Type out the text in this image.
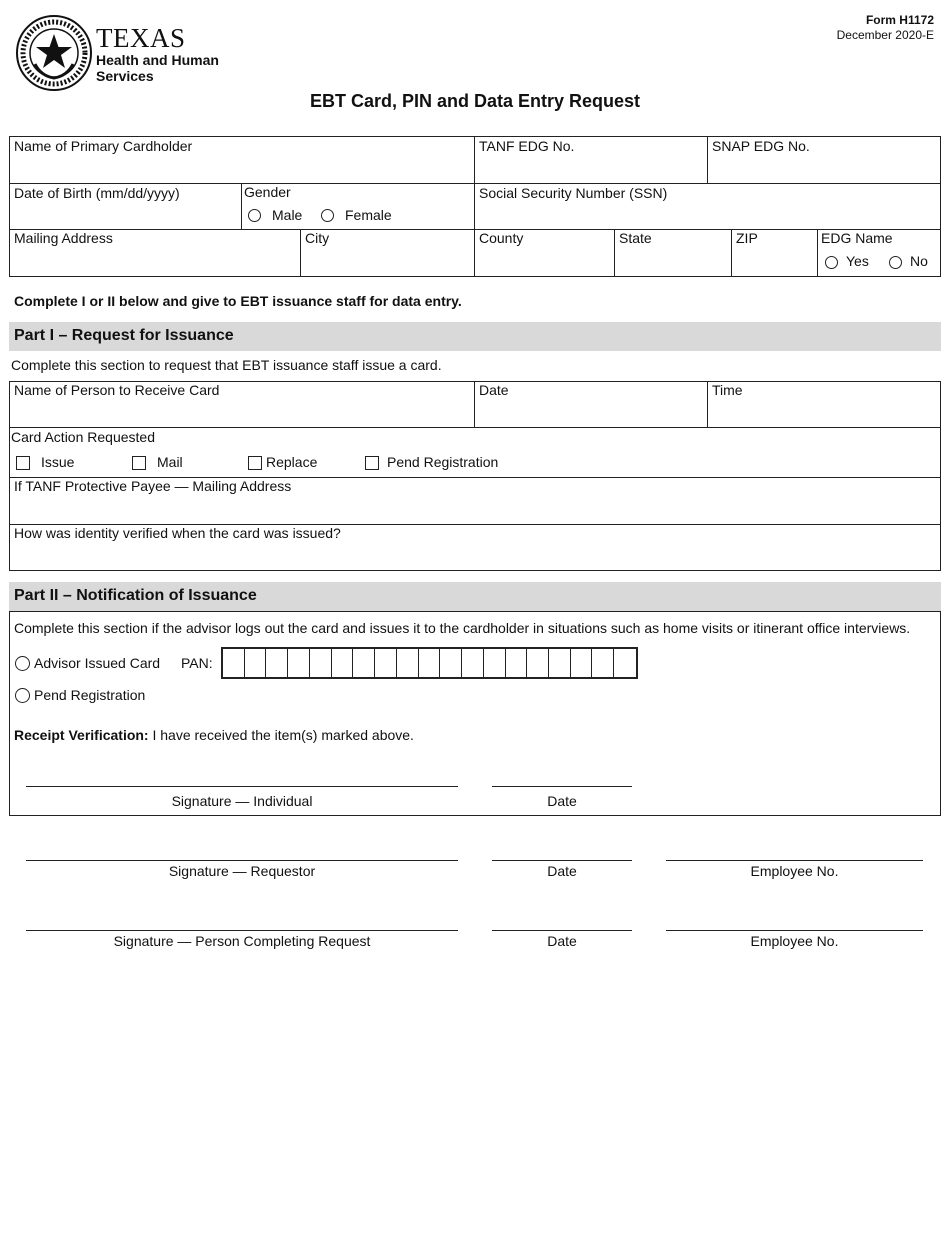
TEXAS
Health and Human
Services
Form H1172
December 2020-E
EBT Card, PIN and Data Entry Request
Name of Primary Cardholder	TANF EDG No.	SNAP EDG No.
Date of Birth (mm/dd/yyyy)	Gender
Male	Female
Social Security Number (SSN)
Mailing Address	City	County	State	ZIP	EDG Name
Yes	No
Complete I or II below and give to EBT issuance staff for data entry.
Part I – Request for Issuance
Complete this section to request that EBT issuance staff issue a card.
Name of Person to Receive Card	Date	Time
Card Action Requested
Issue	Mail	Replace	Pend Registration
If TANF Protective Payee — Mailing Address
How was identity verified when the card was issued?
Part II – Notification of Issuance
Complete this section if the advisor logs out the card and issues it to the cardholder in situations such as home visits or itinerant office interviews.
Advisor Issued Card PAN:
Pend Registration
Receipt Verification: I have received the item(s) marked above.
Signature — Individual	Date
Signature — Requestor	Date	Employee No.
Signature — Person Completing Request	Date	Employee No.
